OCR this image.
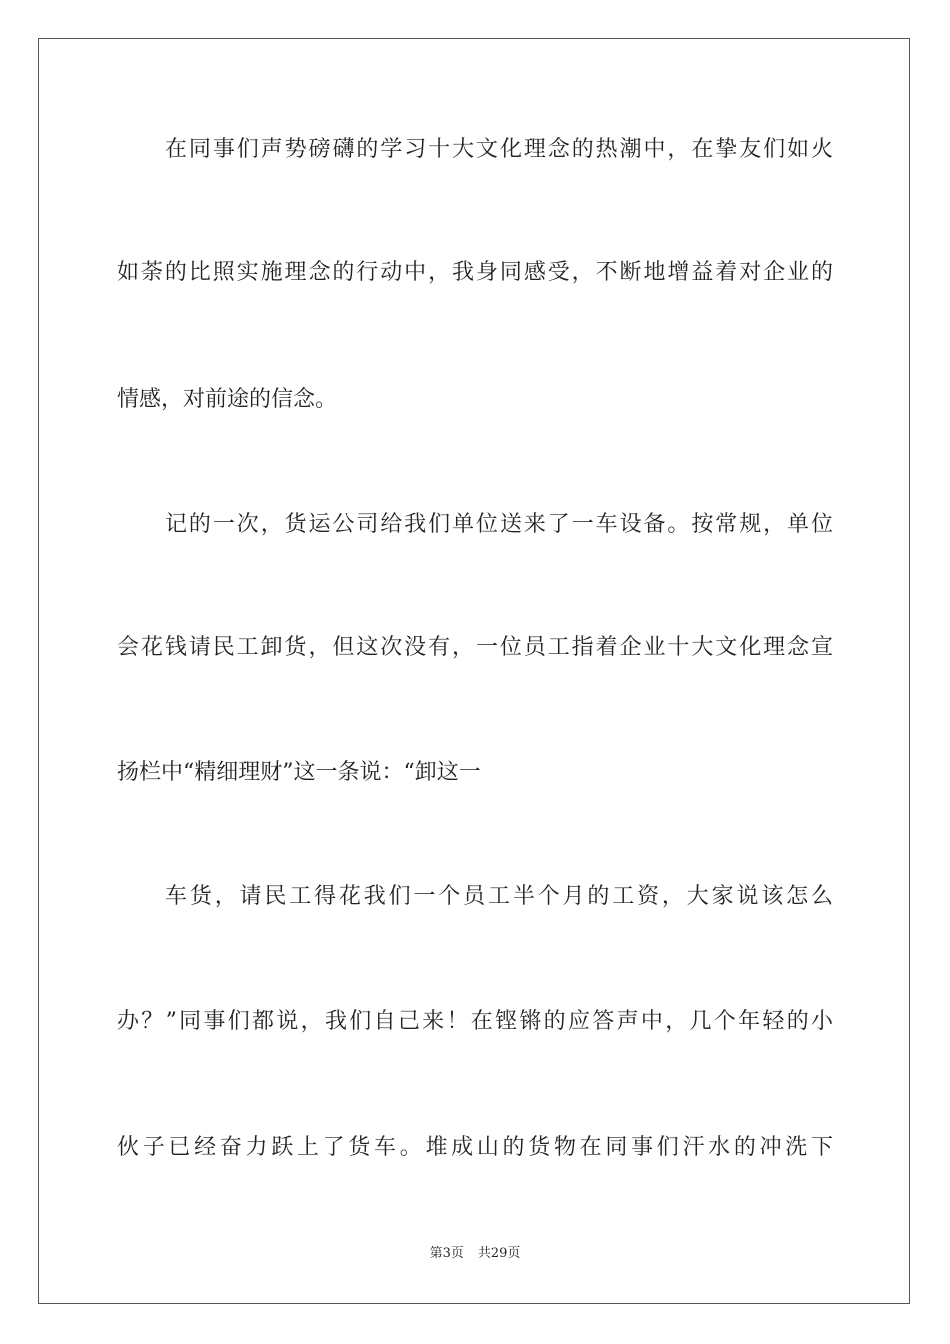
在同事们声势磅礴的学习十大文化理念的热潮中，在挚友们如火
如荼的比照实施理念的行动中，我身同感受，不断地增益着对企业的
情感，对前途的信念。
记的一次，货运公司给我们单位送来了一车设备。按常规，单位
会花钱请民工卸货，但这次没有，一位员工指着企业十大文化理念宣
扬栏中“精细理财”这一条说：“卸这一
车货，请民工得花我们一个员工半个月的工资，大家说该怎么
办？”同事们都说，我们自己来！在铿锵的应答声中，几个年轻的小
伙子已经奋力跃上了货车。堆成山的货物在同事们汗水的冲洗下
第3页 共29页
